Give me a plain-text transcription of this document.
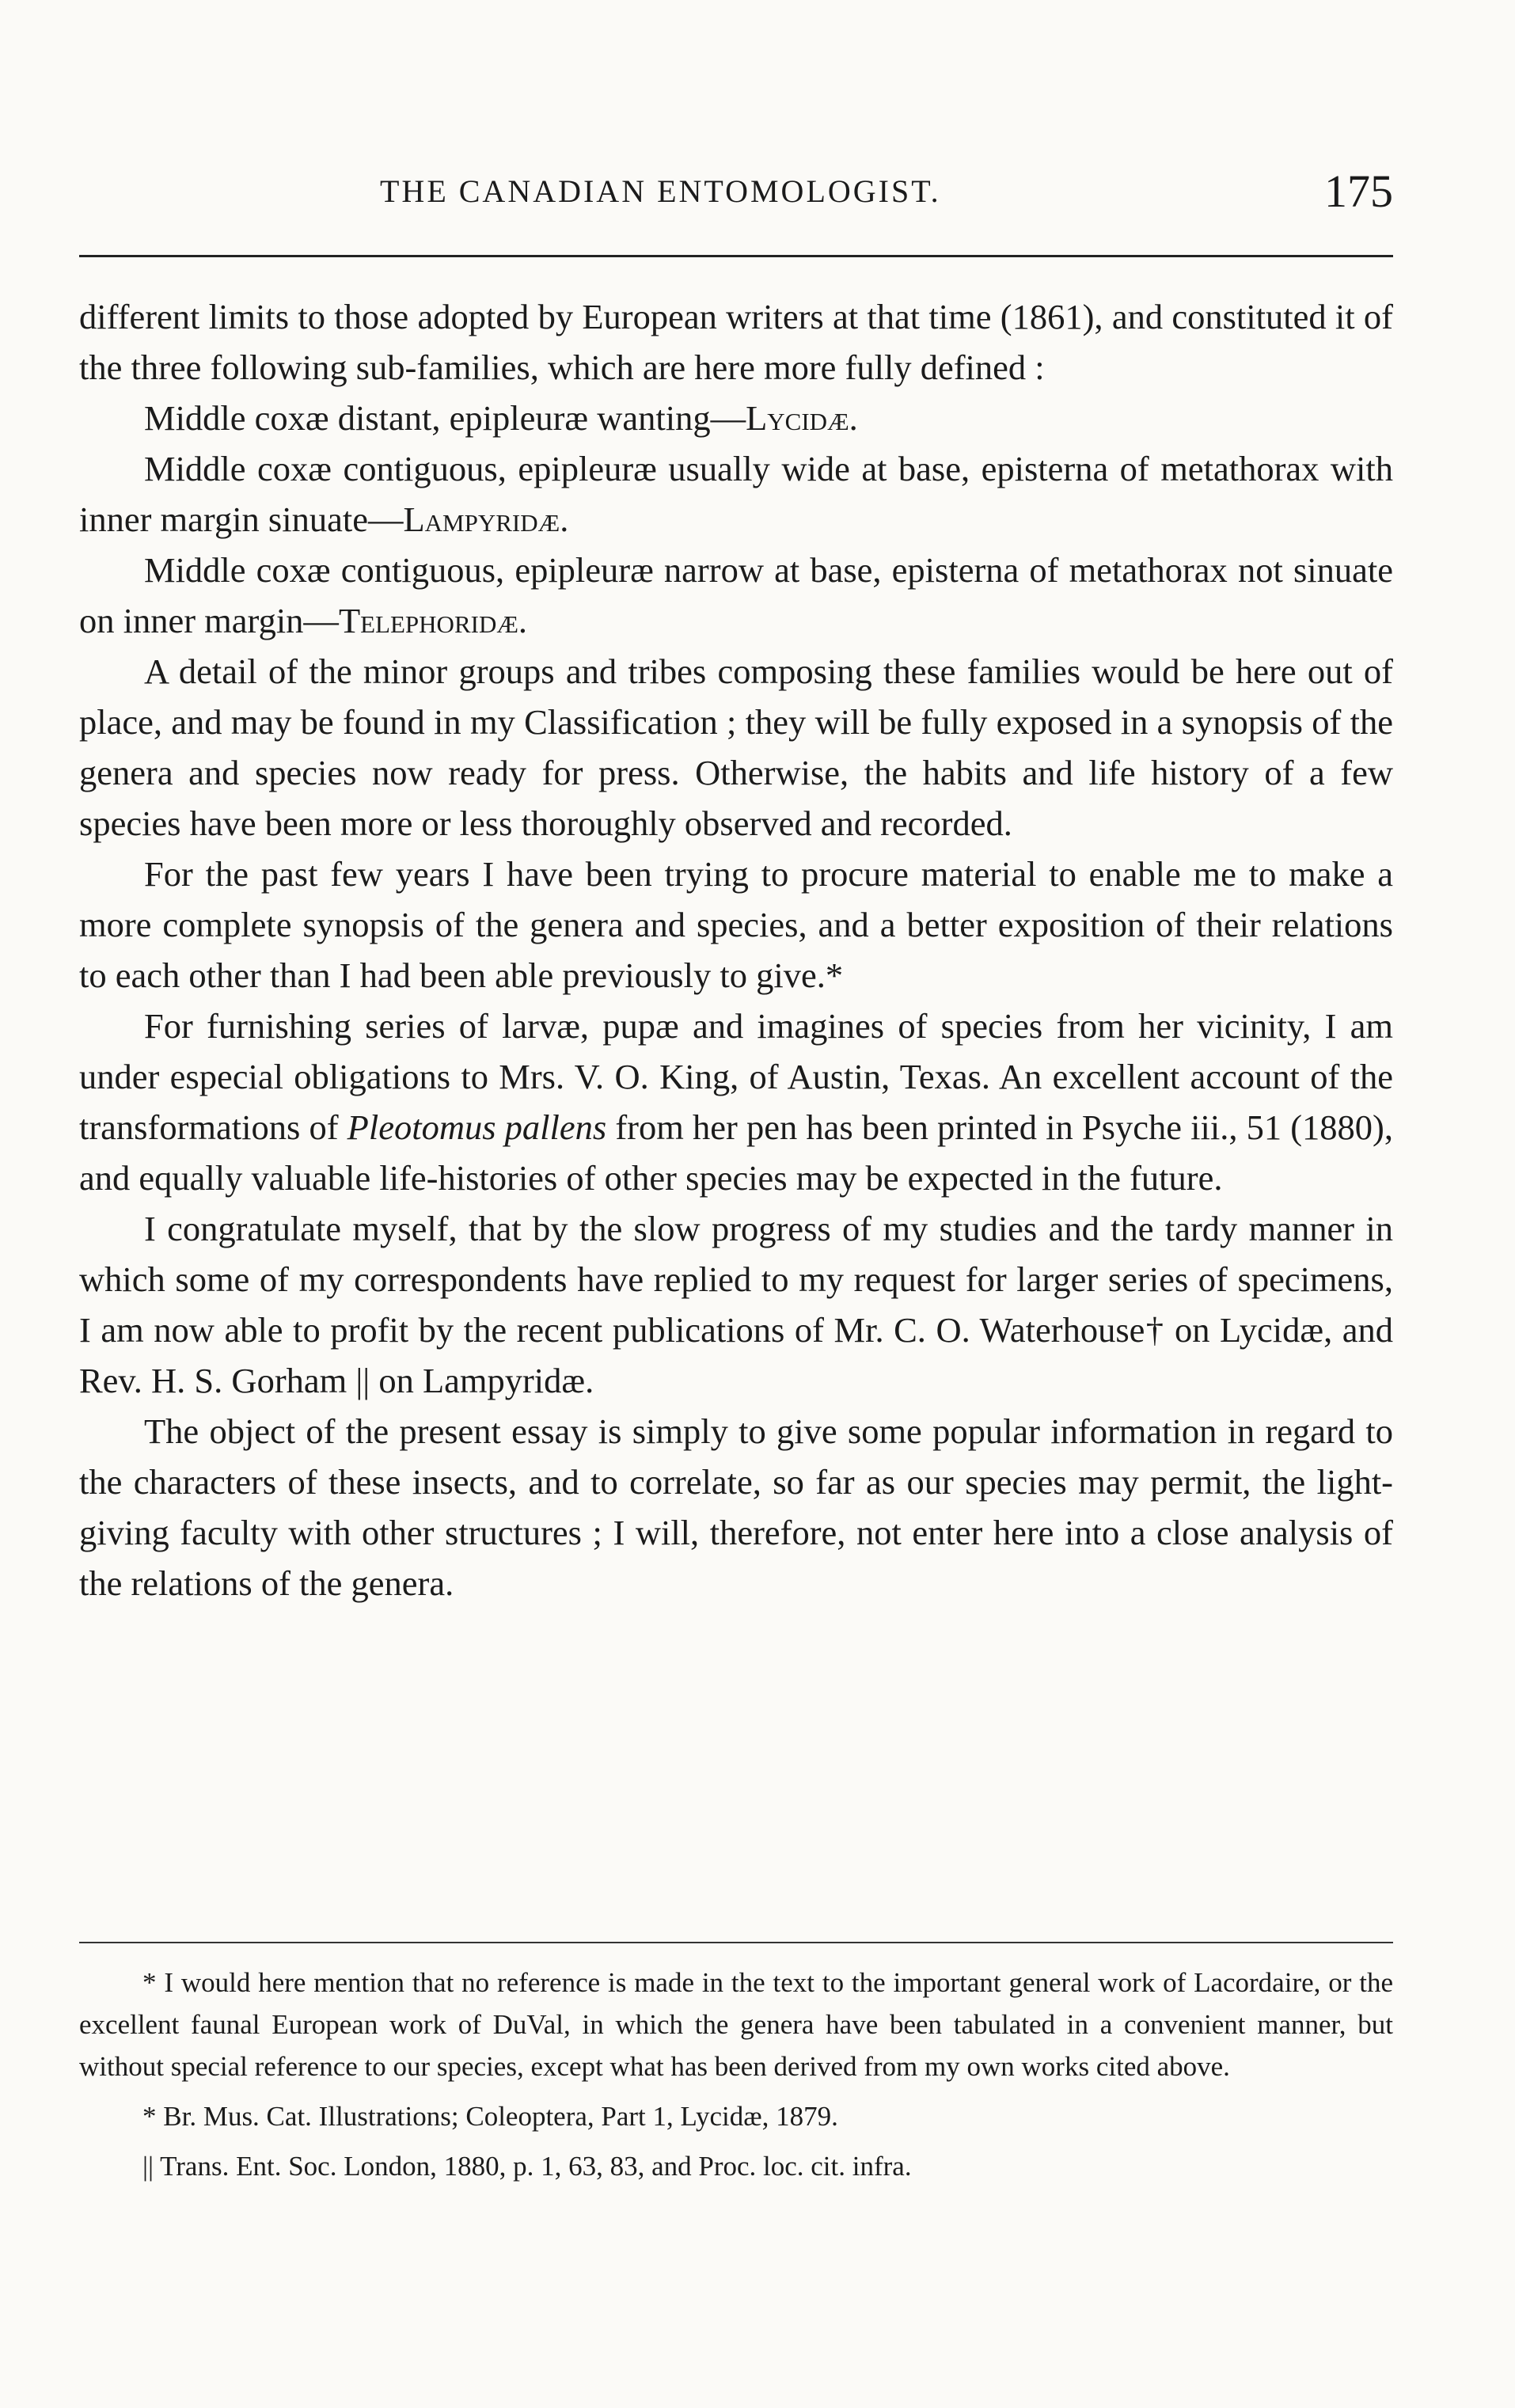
THE CANADIAN ENTOMOLOGIST.	175

different limits to those adopted by European writers at that time (1861), and constituted it of the three following sub-families, which are here more fully defined :

Middle coxæ distant, epipleuræ wanting—Lycidæ.

Middle coxæ contiguous, epipleuræ usually wide at base, episterna of metathorax with inner margin sinuate—Lampyridæ.

Middle coxæ contiguous, epipleuræ narrow at base, episterna of metathorax not sinuate on inner margin—Telephoridæ.

A detail of the minor groups and tribes composing these families would be here out of place, and may be found in my Classification ; they will be fully exposed in a synopsis of the genera and species now ready for press. Otherwise, the habits and life history of a few species have been more or less thoroughly observed and recorded.

For the past few years I have been trying to procure material to enable me to make a more complete synopsis of the genera and species, and a better exposition of their relations to each other than I had been able previously to give.*

For furnishing series of larvæ, pupæ and imagines of species from her vicinity, I am under especial obligations to Mrs. V. O. King, of Austin, Texas. An excellent account of the transformations of Pleotomus pallens from her pen has been printed in Psyche iii., 51 (1880), and equally valuable life-histories of other species may be expected in the future.

I congratulate myself, that by the slow progress of my studies and the tardy manner in which some of my correspondents have replied to my request for larger series of specimens, I am now able to profit by the recent publications of Mr. C. O. Waterhouse† on Lycidæ, and Rev. H. S. Gorham || on Lampyridæ.

The object of the present essay is simply to give some popular information in regard to the characters of these insects, and to correlate, so far as our species may permit, the light-giving faculty with other structures ; I will, therefore, not enter here into a close analysis of the relations of the genera.

* I would here mention that no reference is made in the text to the important general work of Lacordaire, or the excellent faunal European work of DuVal, in which the genera have been tabulated in a convenient manner, but without special reference to our species, except what has been derived from my own works cited above.

* Br. Mus. Cat. Illustrations; Coleoptera, Part 1, Lycidæ, 1879.

|| Trans. Ent. Soc. London, 1880, p. 1, 63, 83, and Proc. loc. cit. infra.
